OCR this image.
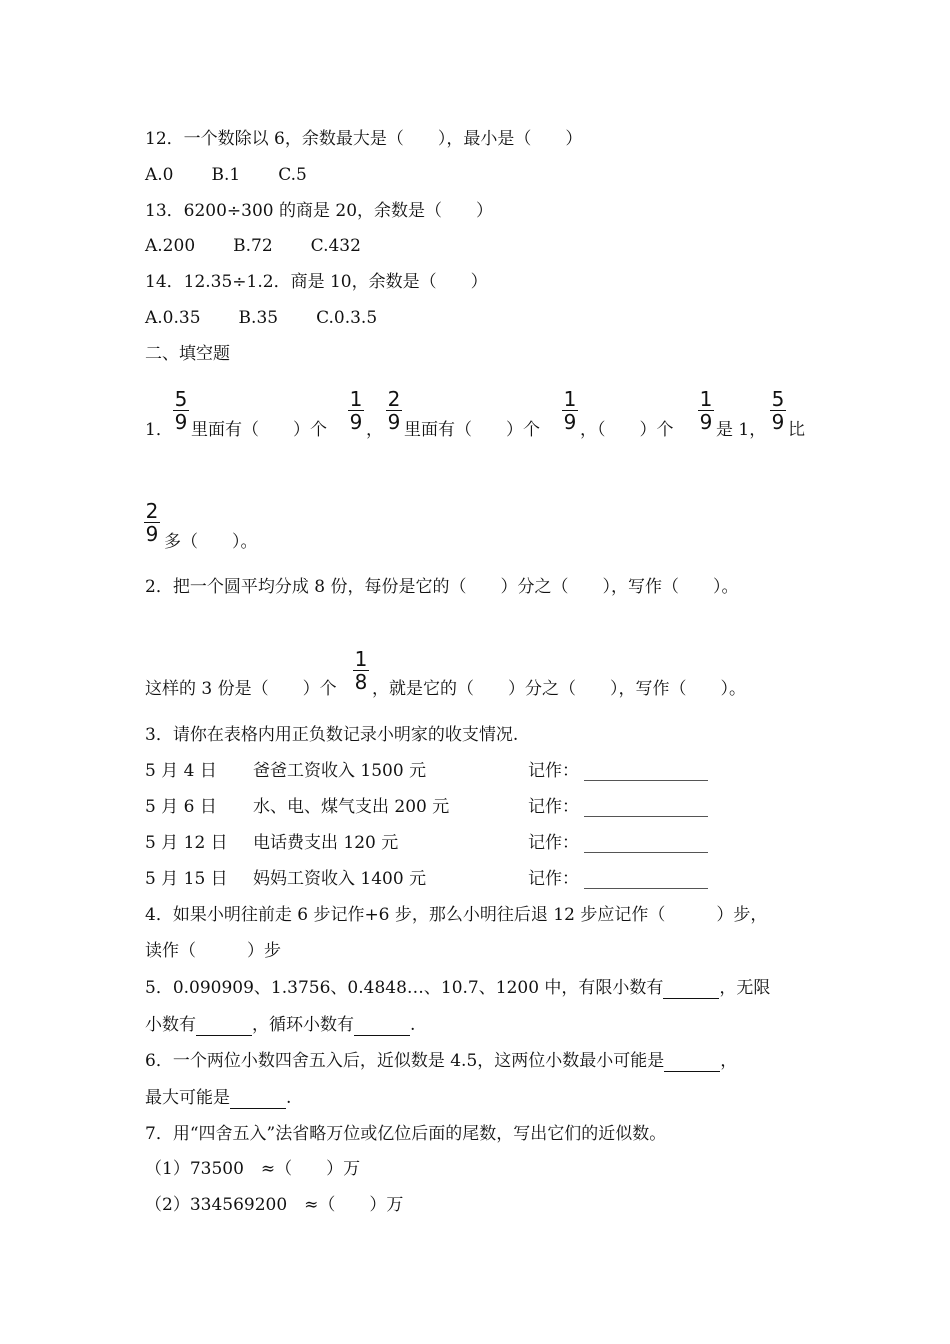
12．一个数除以 6，余数最大是（　　），最小是（　　）
A.0 B.1 C.5
13．6200÷300 的商是 20，余数是（　　）
A.200 B.72 C.432
14．12.35÷1.2．商是 10，余数是（　　）
A.0.35 B.35 C.0.3.5
二、填空题
5
9
1
9
2
9
1
9
1
9
5
9
1． 里面有（　　）个 ， 里面有（　　）个 ，（　　）个	是 1， 比
2
9 多（　　）。
2．把一个圆平均分成 8 份，每份是它的（　　）分之（　　），写作（　　）。
1
8
这样的 3 份是（　　）个 ，就是它的（　　）分之（　　），写作（　　）。
3．请你在表格内用正负数记录小明家的收支情况.
5 月 4 日 爸爸工资收入 1500 元	记作：
5 月 6 日 水、电、煤气支出 200 元	记作：
5 月 12 日 电话费支出 120 元	记作：
5 月 15 日 妈妈工资收入 1400 元	记作：
4．如果小明往前走 6 步记作+6 步，那么小明往后退 12 步应记作（　　　）步，
读作（　　　）步
5．0.090909、1.3756、0.4848…、10.7、1200 中，有限小数有	，无限
小数有	，循环小数有	.
6．一个两位小数四舍五入后，近似数是 4.5，这两位小数最小可能是	，
最大可能是	.
7．用“四舍五入”法省略万位或亿位后面的尾数，写出它们的近似数。
（1）73500　≈（　　）万
（2）334569200　≈（　　）万
